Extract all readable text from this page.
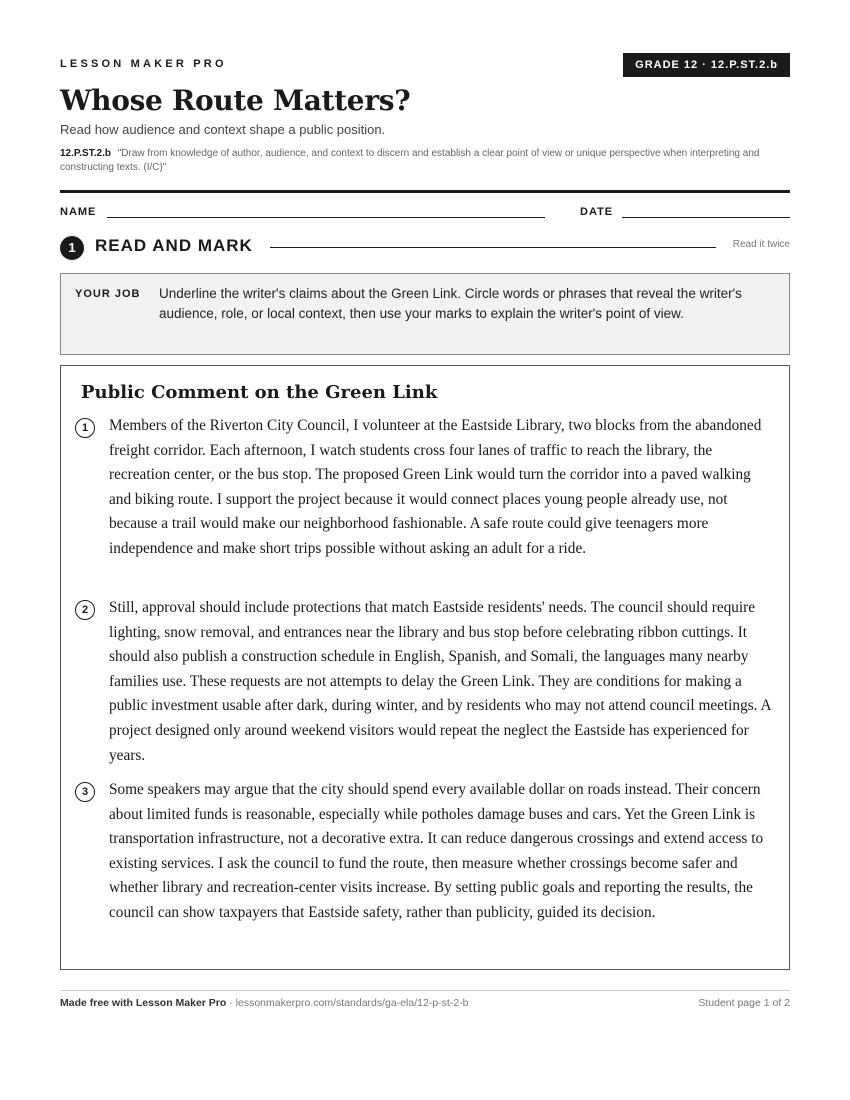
LESSON MAKER PRO	GRADE 12 · 12.P.ST.2.b
Whose Route Matters?
Read how audience and context shape a public position.
12.P.ST.2.b "Draw from knowledge of author, audience, and context to discern and establish a clear point of view or unique perspective when interpreting and constructing texts. (I/C)"
NAME	DATE
1	READ AND MARK	Read it twice
YOUR JOB Underline the writer's claims about the Green Link. Circle words or phrases that reveal the writer's audience, role, or local context, then use your marks to explain the writer's point of view.
Public Comment on the Green Link
1	Members of the Riverton City Council, I volunteer at the Eastside Library, two blocks from the abandoned freight corridor. Each afternoon, I watch students cross four lanes of traffic to reach the library, the recreation center, or the bus stop. The proposed Green Link would turn the corridor into a paved walking and biking route. I support the project because it would connect places young people already use, not because a trail would make our neighborhood fashionable. A safe route could give teenagers more independence and make short trips possible without asking an adult for a ride.

2	Still, approval should include protections that match Eastside residents' needs. The council should require lighting, snow removal, and entrances near the library and bus stop before celebrating ribbon cuttings. It should also publish a construction schedule in English, Spanish, and Somali, the languages many nearby families use. These requests are not attempts to delay the Green Link. They are conditions for making a public investment usable after dark, during winter, and by residents who may not attend council meetings. A project designed only around weekend visitors would repeat the neglect the Eastside has experienced for years.

3	Some speakers may argue that the city should spend every available dollar on roads instead. Their concern about limited funds is reasonable, especially while potholes damage buses and cars. Yet the Green Link is transportation infrastructure, not a decorative extra. It can reduce dangerous crossings and extend access to existing services. I ask the council to fund the route, then measure whether crossings become safer and whether library and recreation-center visits increase. By setting public goals and reporting the results, the council can show taxpayers that Eastside safety, rather than publicity, guided its decision.

Made free with Lesson Maker Pro · lessonmakerpro.com/standards/ga-ela/12-p-st-2-b	Student page 1 of 2
